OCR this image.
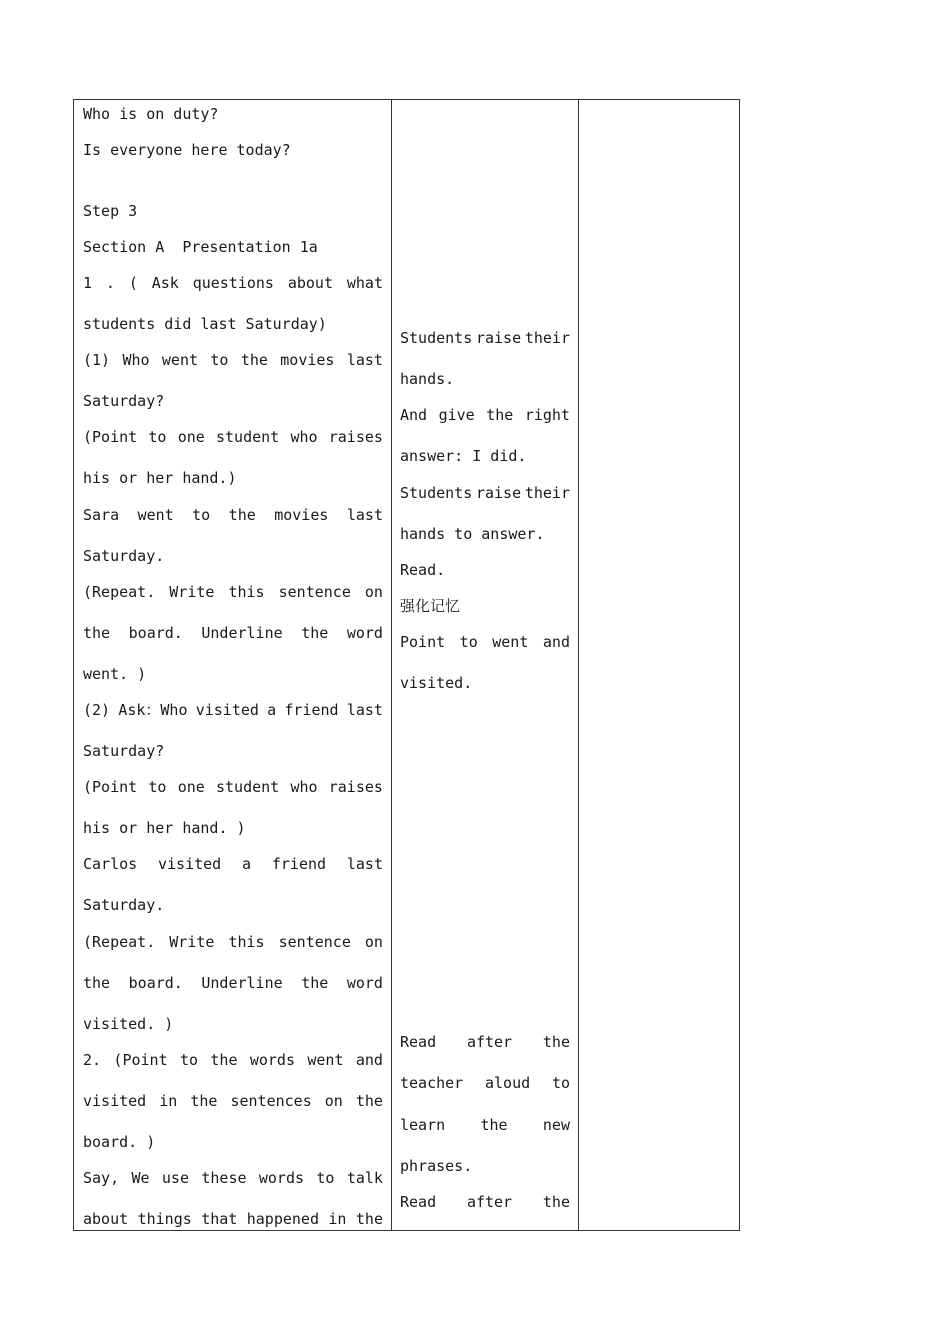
Who is on duty?
Is everyone here today?
Step 3
Section A  Presentation 1a
1 . ( Ask questions about what
students did last Saturday)
(1) Who went to the movies last
Saturday?
(Point to one student who raises
his or her hand.)
Sara went to the movies last
Saturday.
(Repeat. Write this sentence on
the board. Underline the word
went. )
(2) Ask：Who visited a friend last
Saturday?
(Point to one student who raises
his or her hand. )
Carlos visited a friend last
Saturday.
(Repeat. Write this sentence on
the board. Underline the word
visited. )
2. (Point to the words went and
visited in the sentences on the
board. )
Say, We use these words to talk
about things that happened in the
Students raise their
hands.
And give the right
answer: I did.
Students raise their
hands to answer.
Read.
强化记忆
Point to went and
visited.
Read after the
teacher aloud to
learn the new
phrases.
Read after the
